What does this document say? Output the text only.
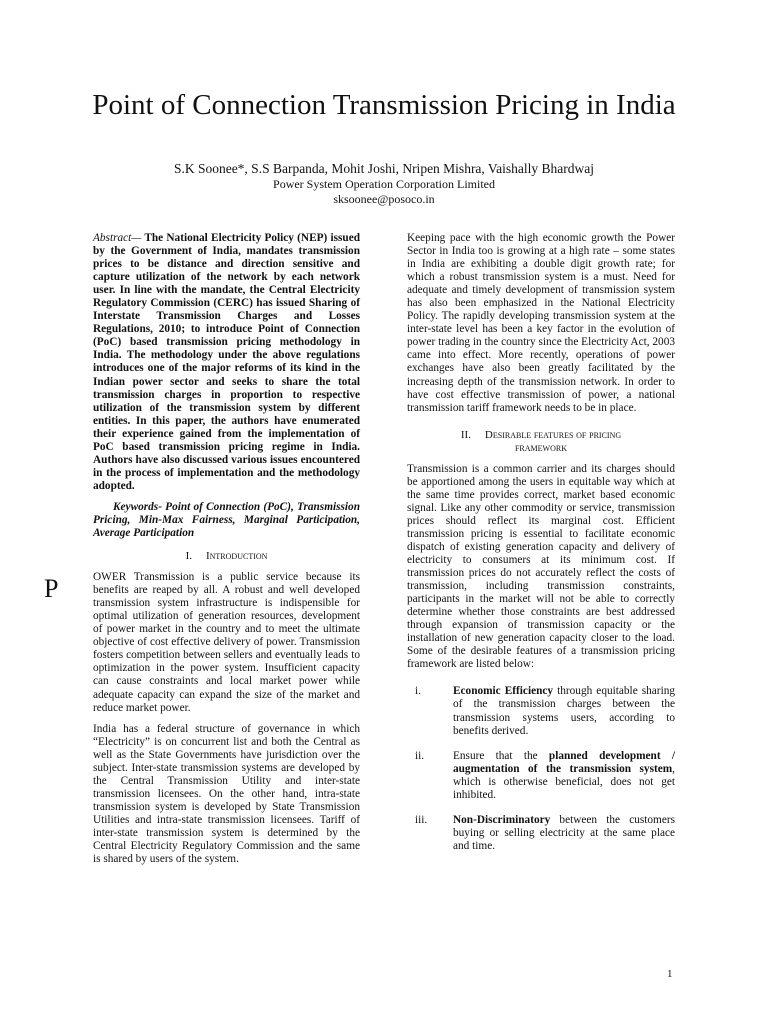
Point of Connection Transmission Pricing in India
S.K Soonee*, S.S Barpanda, Mohit Joshi, Nripen Mishra, Vaishally Bhardwaj
Power System Operation Corporation Limited
sksoonee@posoco.in

Abstract— The National Electricity Policy (NEP) issued by the Government of India, mandates transmission prices to be distance and direction sensitive and capture utilization of the network by each network user. In line with the mandate, the Central Electricity Regulatory Commission (CERC) has issued Sharing of Interstate Transmission Charges and Losses Regulations, 2010; to introduce Point of Connection (PoC) based transmission pricing methodology in India. The methodology under the above regulations introduces one of the major reforms of its kind in the Indian power sector and seeks to share the total transmission charges in proportion to respective utilization of the transmission system by different entities. In this paper, the authors have enumerated their experience gained from the implementation of PoC based transmission pricing regime in India. Authors have also discussed various issues encountered in the process of implementation and the methodology adopted.

Keywords- Point of Connection (PoC), Transmission Pricing, Min-Max Fairness, Marginal Participation, Average Participation

I. Introduction

OWER Transmission is a public service because its benefits are reaped by all. A robust and well developed transmission system infrastructure is indispensible for optimal utilization of generation resources, development of power market in the country and to meet the ultimate objective of cost effective delivery of power. Transmission fosters competition between sellers and eventually leads to optimization in the power system. Insufficient capacity can cause constraints and local market power while adequate capacity can expand the size of the market and reduce market power.

India has a federal structure of governance in which “Electricity” is on concurrent list and both the Central as well as the State Governments have jurisdiction over the subject. Inter-state transmission systems are developed by the Central Transmission Utility and inter-state transmission licensees. On the other hand, intra-state transmission system is developed by State Transmission Utilities and intra-state transmission licensees. Tariff of inter-state transmission system is determined by the Central Electricity Regulatory Commission and the same is shared by users of the system.

P

Keeping pace with the high economic growth the Power Sector in India too is growing at a high rate – some states in India are exhibiting a double digit growth rate; for which a robust transmission system is a must. Need for adequate and timely development of transmission system has also been emphasized in the National Electricity Policy. The rapidly developing transmission system at the inter-state level has been a key factor in the evolution of power trading in the country since the Electricity Act, 2003 came into effect. More recently, operations of power exchanges have also been greatly facilitated by the increasing depth of the transmission network. In order to have cost effective transmission of power, a national transmission tariff framework needs to be in place.

II. Desirable features of pricing
framework

Transmission is a common carrier and its charges should be apportioned among the users in equitable way which at the same time provides correct, market based economic signal. Like any other commodity or service, transmission prices should reflect its marginal cost. Efficient transmission pricing is essential to facilitate economic dispatch of existing generation capacity and delivery of electricity to consumers at its minimum cost. If transmission prices do not accurately reflect the costs of transmission, including transmission constraints, participants in the market will not be able to correctly determine whether those constraints are best addressed through expansion of transmission capacity or the installation of new generation capacity closer to the load. Some of the desirable features of a transmission pricing framework are listed below:

i.	Economic Efficiency through equitable sharing of the transmission charges between the transmission systems users, according to benefits derived.
ii.	Ensure that the planned development / augmentation of the transmission system, which is otherwise beneficial, does not get inhibited.
iii.	Non-Discriminatory between the customers buying or selling electricity at the same place and time.
1
